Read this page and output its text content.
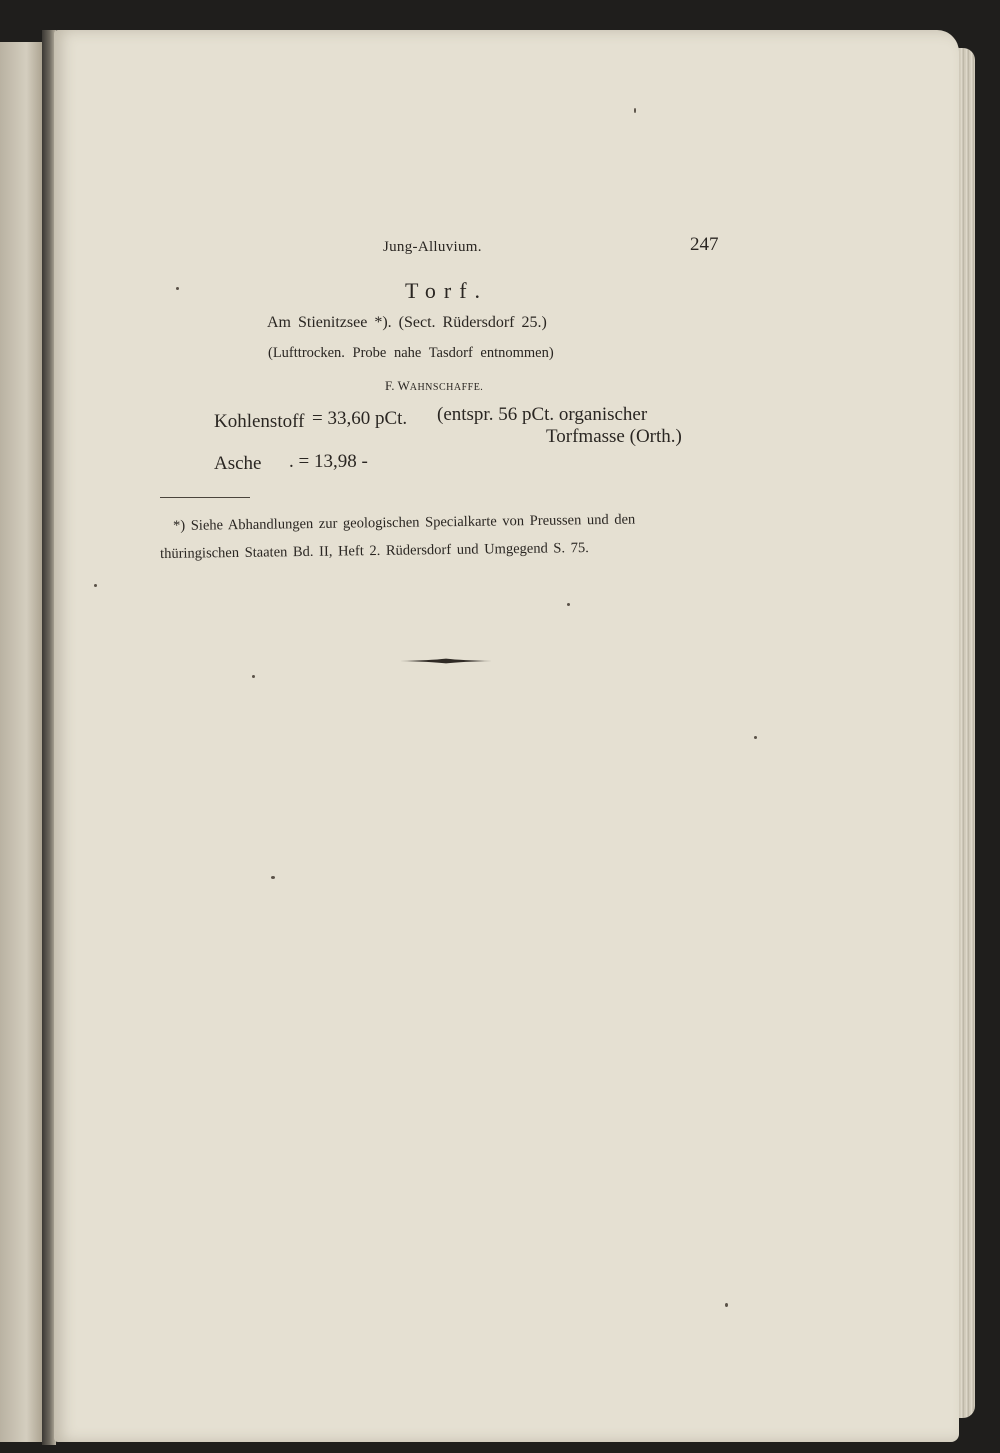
Jung-Alluvium.	247
Torf.
Am Stienitzsee *). (Sect. Rüdersdorf 25.)
(Lufttrocken. Probe nahe Tasdorf entnommen)
F. WAHNSCHAFFE.
Kohlenstoff = 33,60 pCt. (entspr. 56 pCt. organischer
Torfmasse (Orth.)
Asche . = 13,98 -
*) Siehe Abhandlungen zur geologischen Specialkarte von Preussen und den
thüringischen Staaten Bd. II, Heft 2. Rüdersdorf und Umgegend S. 75.
